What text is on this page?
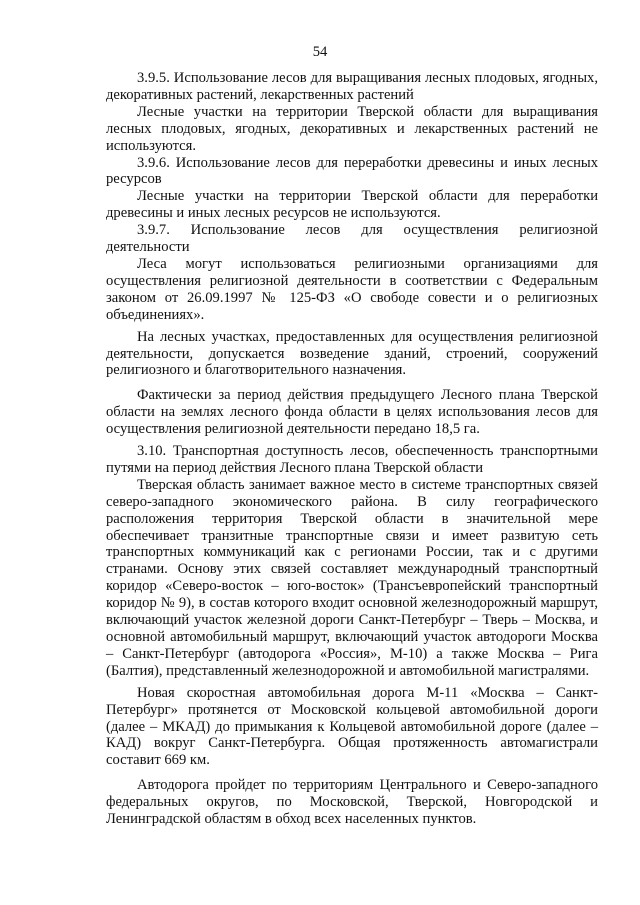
54

3.9.5. Использование лесов для выращивания лесных плодовых, ягодных, декоративных растений, лекарственных растений

Лесные участки на территории Тверской области для выращивания лесных плодовых, ягодных, декоративных и лекарственных растений не используются.

3.9.6. Использование лесов для переработки древесины и иных лесных ресурсов

Лесные участки на территории Тверской области для переработки древесины и иных лесных ресурсов не используются.

3.9.7. Использование лесов для осуществления религиозной деятельности

Леса могут использоваться религиозными организациями для осуществления религиозной деятельности в соответствии с Федеральным законом от 26.09.1997 № 125-ФЗ «О свободе совести и о религиозных объединениях».

На лесных участках, предоставленных для осуществления религиозной деятельности, допускается возведение зданий, строений, сооружений религиозного и благотворительного назначения.

Фактически за период действия предыдущего Лесного плана Тверской области на землях лесного фонда области в целях использования лесов для осуществления религиозной деятельности передано 18,5 га.

3.10. Транспортная доступность лесов, обеспеченность транспортными путями на период действия Лесного плана Тверской области

Тверская область занимает важное место в системе транспортных связей северо-западного экономического района. В силу географического расположения территория Тверской области в значительной мере обеспечивает транзитные транспортные связи и имеет развитую сеть транспортных коммуникаций как с регионами России, так и с другими странами. Основу этих связей составляет международный транспортный коридор «Северо-восток – юго-восток» (Трансъевропейский транспортный коридор № 9), в состав которого входит основной железнодорожный маршрут, включающий участок железной дороги Санкт-Петербург – Тверь – Москва, и основной автомобильный маршрут, включающий участок автодороги Москва – Санкт-Петербург (автодорога «Россия», М-10) а также Москва – Рига (Балтия), представленный железнодорожной и автомобильной магистралями.

Новая скоростная автомобильная дорога М-11 «Москва – Санкт-Петербург» протянется от Московской кольцевой автомобильной дороги (далее – МКАД) до примыкания к Кольцевой автомобильной дороге (далее – КАД) вокруг Санкт-Петербурга. Общая протяженность автомагистрали составит 669 км.

Автодорога пройдет по территориям Центрального и Северо-западного федеральных округов, по Московской, Тверской, Новгородской и Ленинградской областям в обход всех населенных пунктов.
